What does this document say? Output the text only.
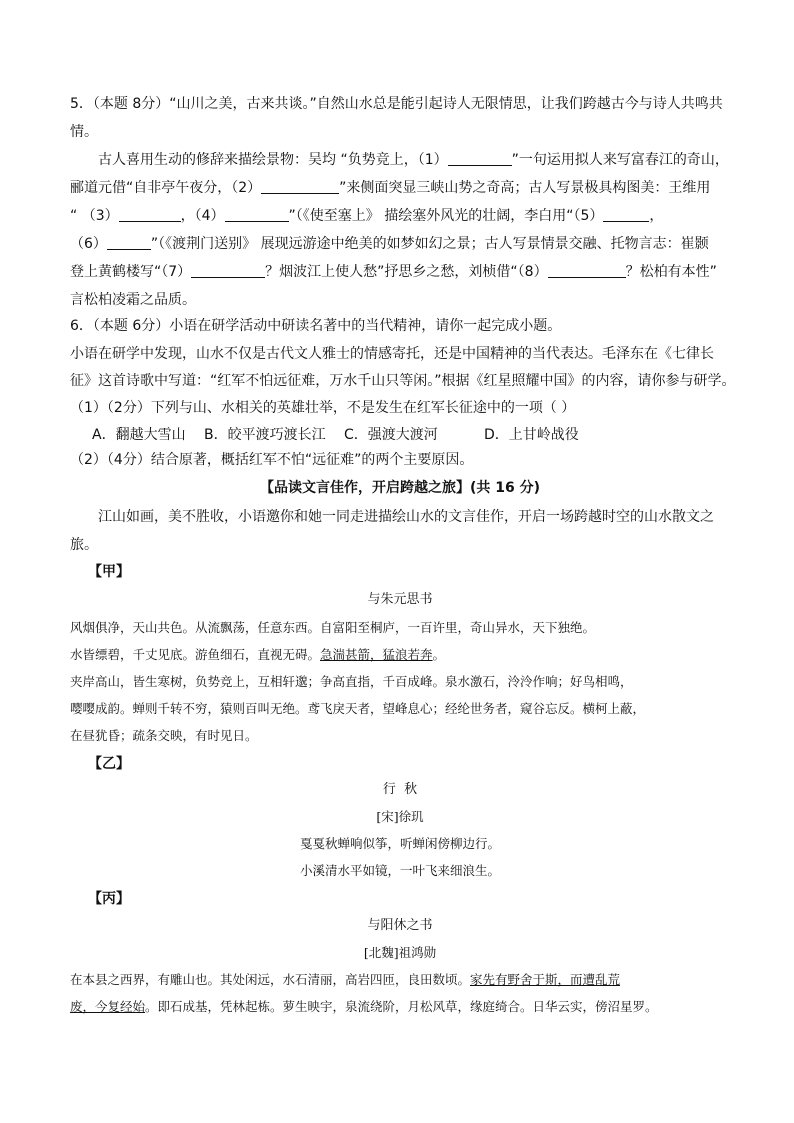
5．（本题 8分）“山川之美，古来共谈。”自然山水总是能引起诗人无限情思，让我们跨越古今与诗人共鸣共

情。

古人喜用生动的修辞来描绘景物：吴均 “负势竞上，（1）	”一句运用拟人来写富春江的奇山，

郦道元借“自非亭午夜分，（2）	”来侧面突显三峡山势之奇高；古人写景极具构图美：王维用

“ （3）	，（4）	”（《使至塞上》 描绘塞外风光的壮阔，李白用“（5）	，

（6）	”（《渡荆门送别》 展现远游途中绝美的如梦如幻之景；古人写景情景交融、托物言志：崔颢

登上黄鹤楼写“（7）	？烟波江上使人愁”抒思乡之愁，刘桢借“（8）	？松柏有本性”

言松柏凌霜之品质。

6．（本题 6分）小语在研学活动中研读名著中的当代精神，请你一起完成小题。

小语在研学中发现，山水不仅是古代文人雅士的情感寄托，还是中国精神的当代表达。毛泽东在《七律长

征》这首诗歌中写道：“红军不怕远征难，万水千山只等闲。”根据《红星照耀中国》的内容，请你参与研学。

（1）（2分）下列与山、水相关的英雄壮举，不是发生在红军长征途中的一项（ ）

A．翻越大雪山 B．皎平渡巧渡长江 C．强渡大渡河	D．上甘岭战役

（2）（4分）结合原著，概括红军不怕“远征难”的两个主要原因。

【品读文言佳作，开启跨越之旅】(共 16 分)

江山如画，美不胜收，小语邀你和她一同走进描绘山水的文言佳作，开启一场跨越时空的山水散文之

旅。

【甲】

与朱元思书

风烟俱净，天山共色。从流飘荡，任意东西。自富阳至桐庐，一百许里，奇山异水，天下独绝。

水皆缥碧，千丈见底。游鱼细石，直视无碍。急湍甚箭，猛浪若奔。

夹岸高山，皆生寒树，负势竞上，互相轩邈；争高直指，千百成峰。泉水激石，泠泠作响；好鸟相鸣，

嘤嘤成韵。蝉则千转不穷，猿则百叫无绝。鸢飞戾天者，望峰息心；经纶世务者，窥谷忘反。横柯上蔽，

在昼犹昏；疏条交映，有时见日。

【乙】

行  秋

[宋]徐玑

戛戛秋蝉响似筝，听蝉闲傍柳边行。

小溪清水平如镜，一叶飞来细浪生。

【丙】

与阳休之书

[北魏]祖鸿勋

在本县之西界，有雕山也。其处闲远，水石清丽，高岩四匝，良田数顷。家先有野舍于斯，而遭乱荒

废，今复经始。即石成基，凭林起栋。萝生映宇，泉流绕阶，月松风草，缘庭绮合。日华云实，傍沼星罗。
